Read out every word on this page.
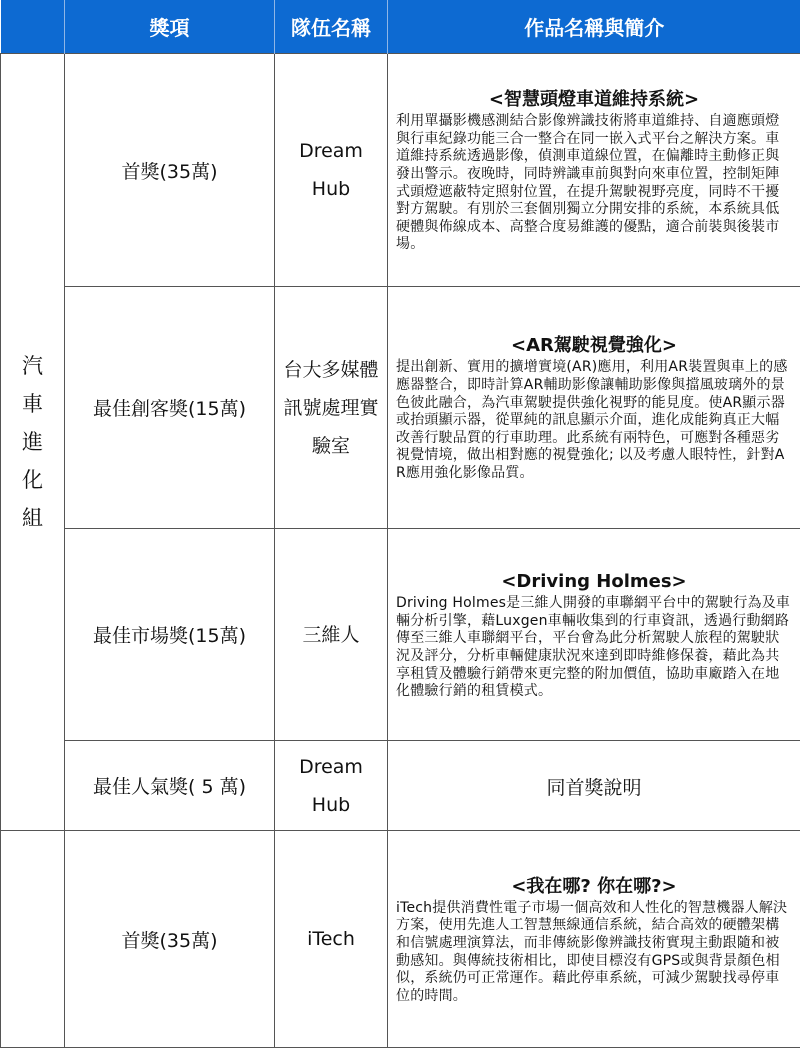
	獎項	隊伍名稱	作品名稱與簡介

汽車進化組	首獎(35萬)	Dream Hub	<智慧頭燈車道維持系統>
利用單攝影機感測結合影像辨識技術將車道維持、自適應頭燈與行車紀錄功能三合一整合在同一嵌入式平台之解決方案。車道維持系統透過影像，偵測車道線位置，在偏離時主動修正與發出警示。夜晚時，同時辨識車前與對向來車位置，控制矩陣式頭燈遮蔽特定照射位置，在提升駕駛視野亮度，同時不干擾對方駕駛。有別於三套個別獨立分開安排的系統，本系統具低硬體與佈線成本、高整合度易維護的優點，適合前裝與後裝市場。

	最佳創客獎(15萬)	台大多媒體訊號處理實驗室	<AR駕駛視覺強化>
提出創新、實用的擴增實境(AR)應用，利用AR裝置與車上的感應器整合，即時計算AR輔助影像讓輔助影像與擋風玻璃外的景色彼此融合，為汽車駕駛提供強化視野的能見度。使AR顯示器或抬頭顯示器，從單純的訊息顯示介面，進化成能夠真正大幅改善行駛品質的行車助理。此系統有兩特色，可應對各種惡劣視覺情境，做出相對應的視覺強化; 以及考慮人眼特性，針對AR應用強化影像品質。

	最佳市場獎(15萬)	三維人	<Driving Holmes>
Driving Holmes是三維人開發的車聯網平台中的駕駛行為及車輛分析引擎，藉Luxgen車輛收集到的行車資訊，透過行動網路傳至三維人車聯網平台，平台會為此分析駕駛人旅程的駕駛狀況及評分，分析車輛健康狀況來達到即時維修保養，藉此為共享租賃及體驗行銷帶來更完整的附加價值，協助車廠踏入在地化體驗行銷的租賃模式。

	最佳人氣獎( 5 萬)	Dream Hub	同首獎說明

	首獎(35萬)	iTech	<我在哪? 你在哪?>
iTech提供消費性電子市場一個高效和人性化的智慧機器人解決方案，使用先進人工智慧無線通信系統，結合高效的硬體架構和信號處理演算法，而非傳統影像辨識技術實現主動跟隨和被動感知。與傳統技術相比，即使目標沒有GPS或與背景顏色相似，系統仍可正常運作。藉此停車系統，可減少駕駛找尋停車位的時間。
